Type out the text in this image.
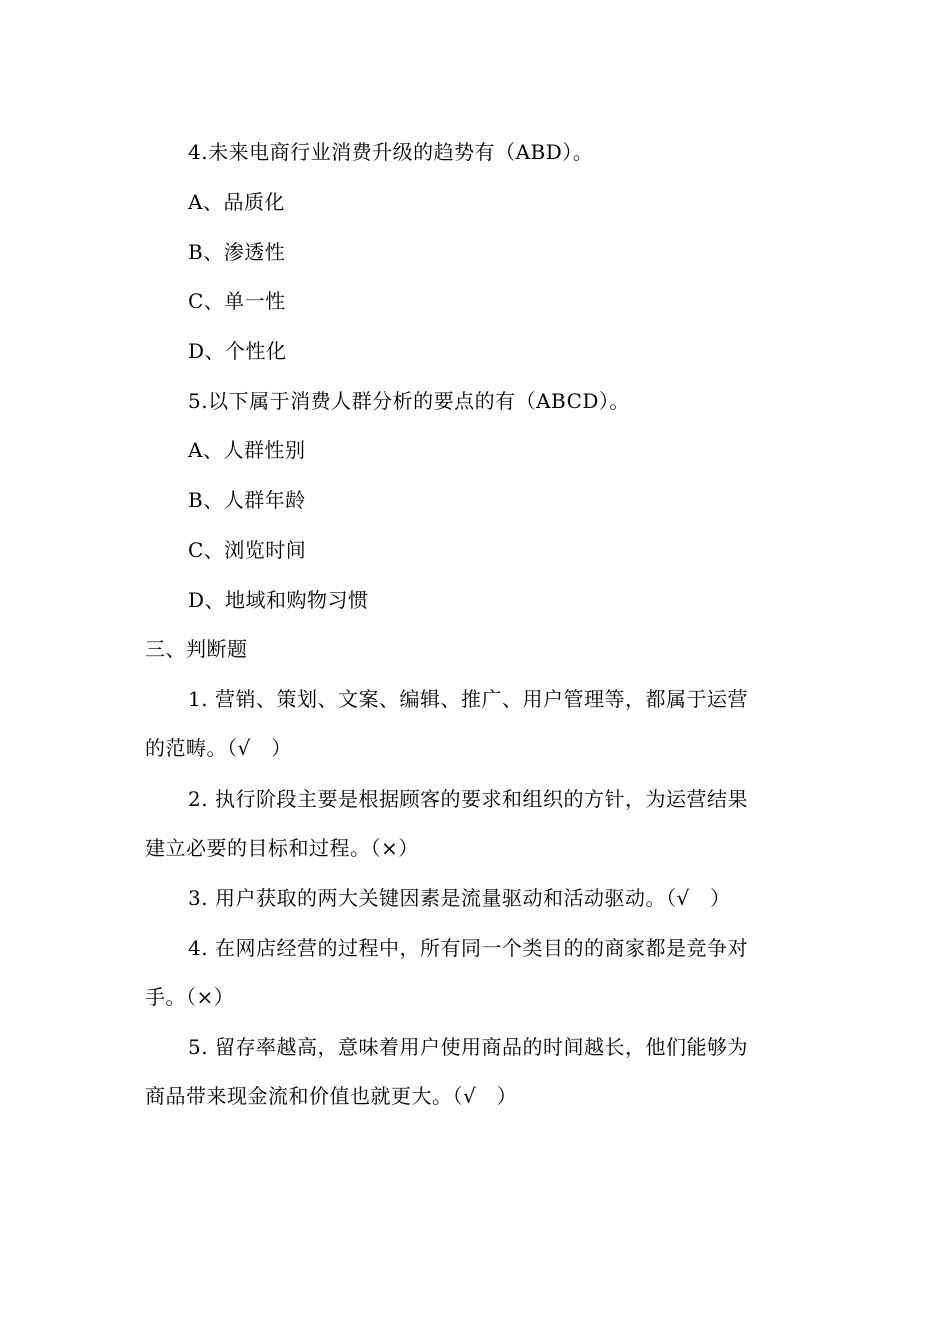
4.未来电商行业消费升级的趋势有（ABD）。
A、品质化
B、渗透性
C、单一性
D、个性化
5.以下属于消费人群分析的要点的有（ABCD）。
A、人群性别
B、人群年龄
C、浏览时间
D、地域和购物习惯
三、判断题
1. 营销、策划、文案、编辑、推广、用户管理等，都属于运营
的范畴。（√　）
2. 执行阶段主要是根据顾客的要求和组织的方针，为运营结果
建立必要的目标和过程。（×）
3. 用户获取的两大关键因素是流量驱动和活动驱动。（√　）
4. 在网店经营的过程中，所有同一个类目的的商家都是竞争对
手。（×）
5. 留存率越高，意味着用户使用商品的时间越长，他们能够为
商品带来现金流和价值也就更大。（√　）
